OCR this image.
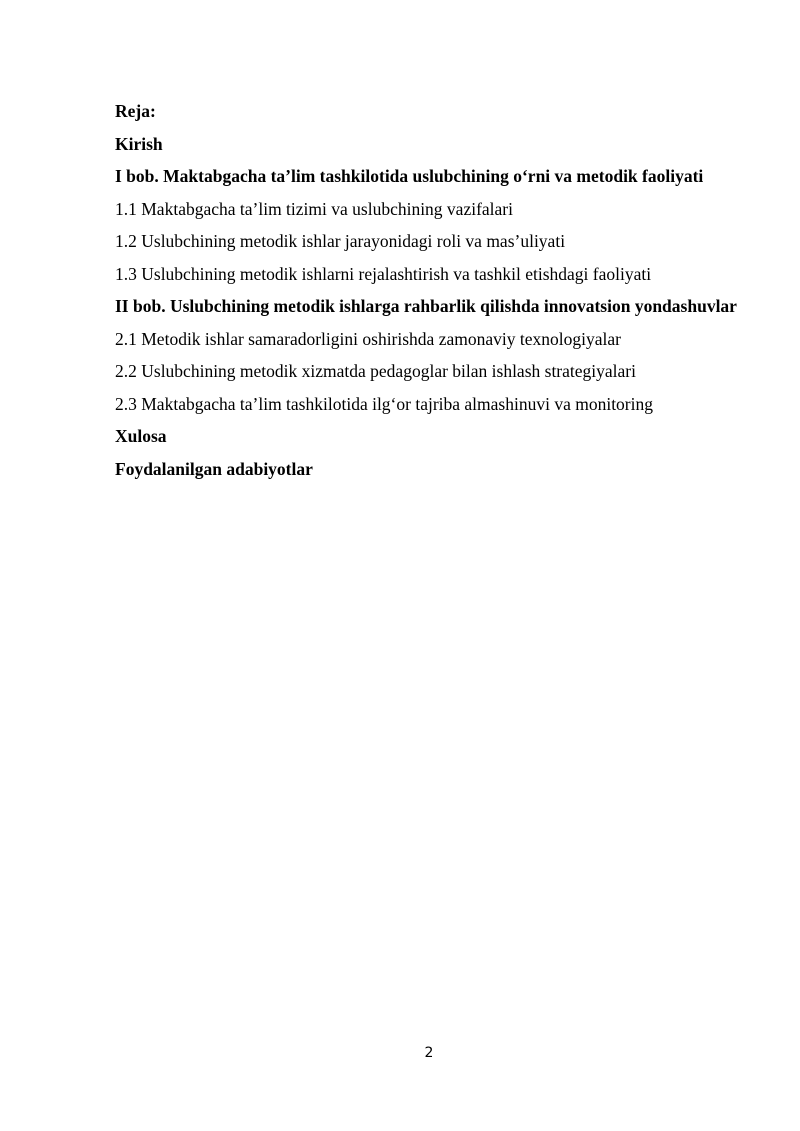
Reja:

Kirish

I bob. Maktabgacha ta’lim tashkilotida uslubchining o‘rni va metodik faoliyati

1.1 Maktabgacha ta’lim tizimi va uslubchining vazifalari

1.2 Uslubchining metodik ishlar jarayonidagi roli va mas’uliyati

1.3 Uslubchining metodik ishlarni rejalashtirish va tashkil etishdagi faoliyati

II bob. Uslubchining metodik ishlarga rahbarlik qilishda innovatsion yondashuvlar

2.1 Metodik ishlar samaradorligini oshirishda zamonaviy texnologiyalar

2.2 Uslubchining metodik xizmatda pedagoglar bilan ishlash strategiyalari

2.3 Maktabgacha ta’lim tashkilotida ilg‘or tajriba almashinuvi va monitoring

Xulosa

Foydalanilgan adabiyotlar

2
